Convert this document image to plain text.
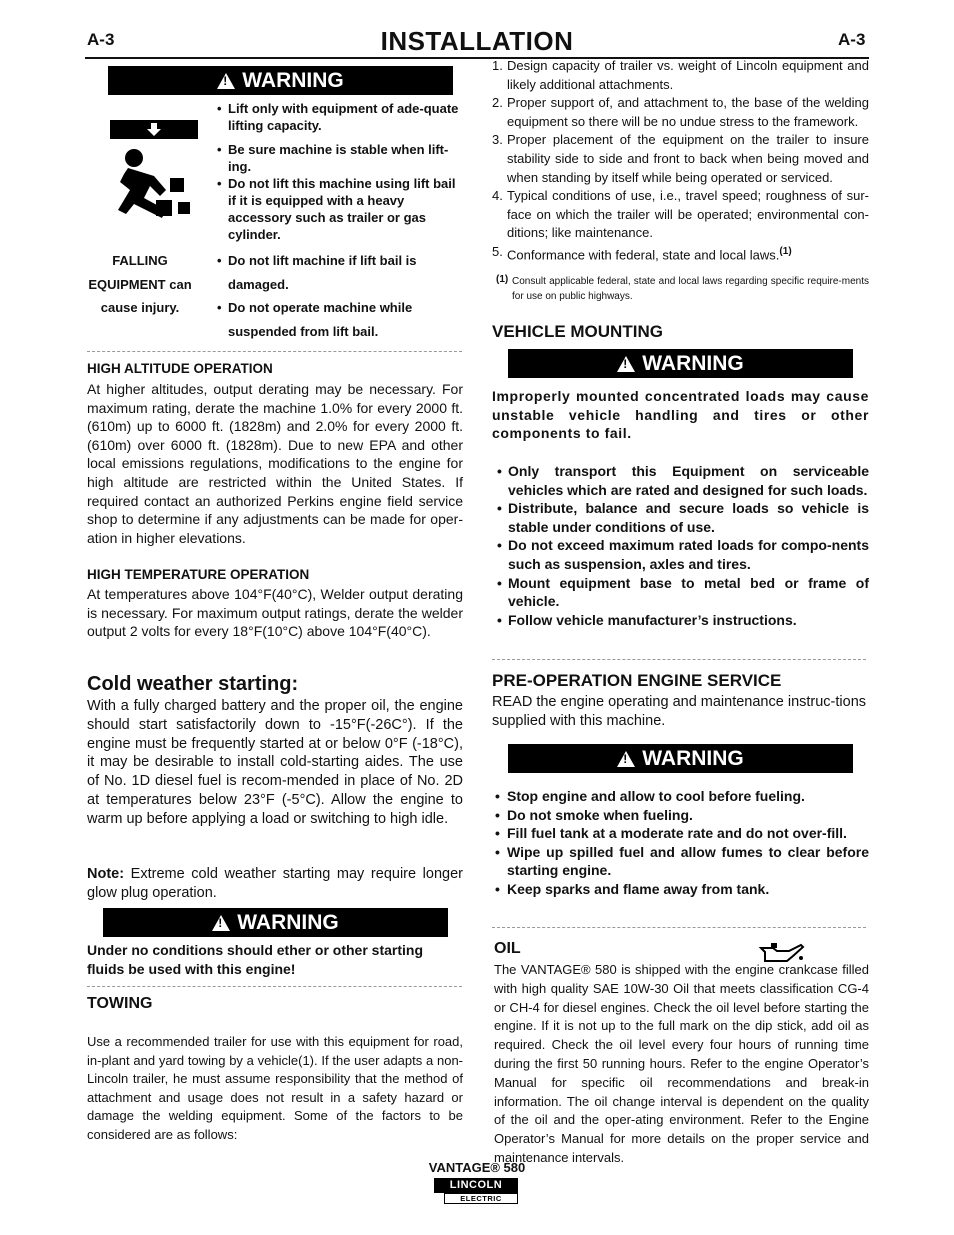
A-3	INSTALLATION	A-3
!
WARNING
• Lift only with equipment of ade-quate lifting capacity.
• Be sure machine is stable when lift-ing.
• Do not lift this machine using lift bail if it is equipped with a heavy accessory such as trailer or gas cylinder.
FALLING
EQUIPMENT can
cause injury.
• Do not lift machine if lift bail is damaged.
• Do not operate machine while suspended from lift bail.
HIGH ALTITUDE OPERATION
At higher altitudes, output derating may be necessary. For maximum rating, derate the machine 1.0% for every 2000 ft. (610m) up to 6000 ft. (1828m) and 2.0% for every 2000 ft. (610m) over 6000 ft. (1828m). Due to new EPA and other local emissions regulations, modifications to the engine for high altitude are restricted within the United States. If required contact an authorized Perkins engine field service shop to determine if any adjustments can be made for oper-ation in higher elevations.
HIGH TEMPERATURE OPERATION
At temperatures above 104°F(40°C), Welder output derating is necessary. For maximum output ratings, derate the welder output 2 volts for every 18°F(10°C) above 104°F(40°C).
Cold weather starting:
With a fully charged battery and the proper oil, the engine should start satisfactorily down to -15°F(-26C°). If the engine must be frequently started at or below 0°F (-18°C), it may be desirable to install cold-starting aides. The use of No. 1D diesel fuel is recom-mended in place of No. 2D at temperatures below 23°F (-5°C). Allow the engine to warm up before applying a load or switching to high idle.
Note: Extreme cold weather starting may require longer glow plug operation.
!
WARNING
Under no conditions should ether or other starting fluids be used with this engine!
TOWING
Use a recommended trailer for use with this equipment for road, in-plant and yard towing by a vehicle(1). If the user adapts a non-Lincoln trailer, he must assume responsibility that the method of attachment and usage does not result in a safety hazard or damage the welding equipment. Some of the factors to be considered are as follows:
1. Design capacity of trailer vs. weight of Lincoln equipment and likely additional attachments.
2. Proper support of, and attachment to, the base of the welding equipment so there will be no undue stress to the framework.
3. Proper placement of the equipment on the trailer to insure stability side to side and front to back when being moved and when standing by itself while being operated or serviced.
4. Typical conditions of use, i.e., travel speed; roughness of sur-face on which the trailer will be operated; environmental con-ditions; like maintenance.
5. Conformance with federal, state and local laws.$^{(1)}$
(1) Consult applicable federal, state and local laws regarding specific require-ments for use on public highways.
VEHICLE MOUNTING
!
WARNING
Improperly mounted concentrated loads may cause unstable vehicle handling and tires or other components to fail.
• Only transport this Equipment on serviceable vehicles which are rated and designed for such loads.
• Distribute, balance and secure loads so vehicle is stable under conditions of use.
• Do not exceed maximum rated loads for compo-nents such as suspension, axles and tires.
• Mount equipment base to metal bed or frame of vehicle.
• Follow vehicle manufacturer’s instructions.
PRE-OPERATION ENGINE SERVICE
READ the engine operating and maintenance instruc-tions supplied with this machine.
!
WARNING
• Stop engine and allow to cool before fueling.
• Do not smoke when fueling.
• Fill fuel tank at a moderate rate and do not over-fill.
• Wipe up spilled fuel and allow fumes to clear before starting engine.
• Keep sparks and flame away from tank.
OIL
The VANTAGE® 580 is shipped with the engine crankcase filled with high quality SAE 10W-30 Oil that meets classification CG-4 or CH-4 for diesel engines. Check the oil level before starting the engine. If it is not up to the full mark on the dip stick, add oil as required. Check the oil level every four hours of running time during the first 50 running hours. Refer to the engine Operator’s Manual for specific oil recommendations and break-in information. The oil change interval is dependent on the quality of the oil and the oper-ating environment. Refer to the Engine Operator’s Manual for more details on the proper service and maintenance intervals.
VANTAGE® 580
LINCOLN
ELECTRIC
